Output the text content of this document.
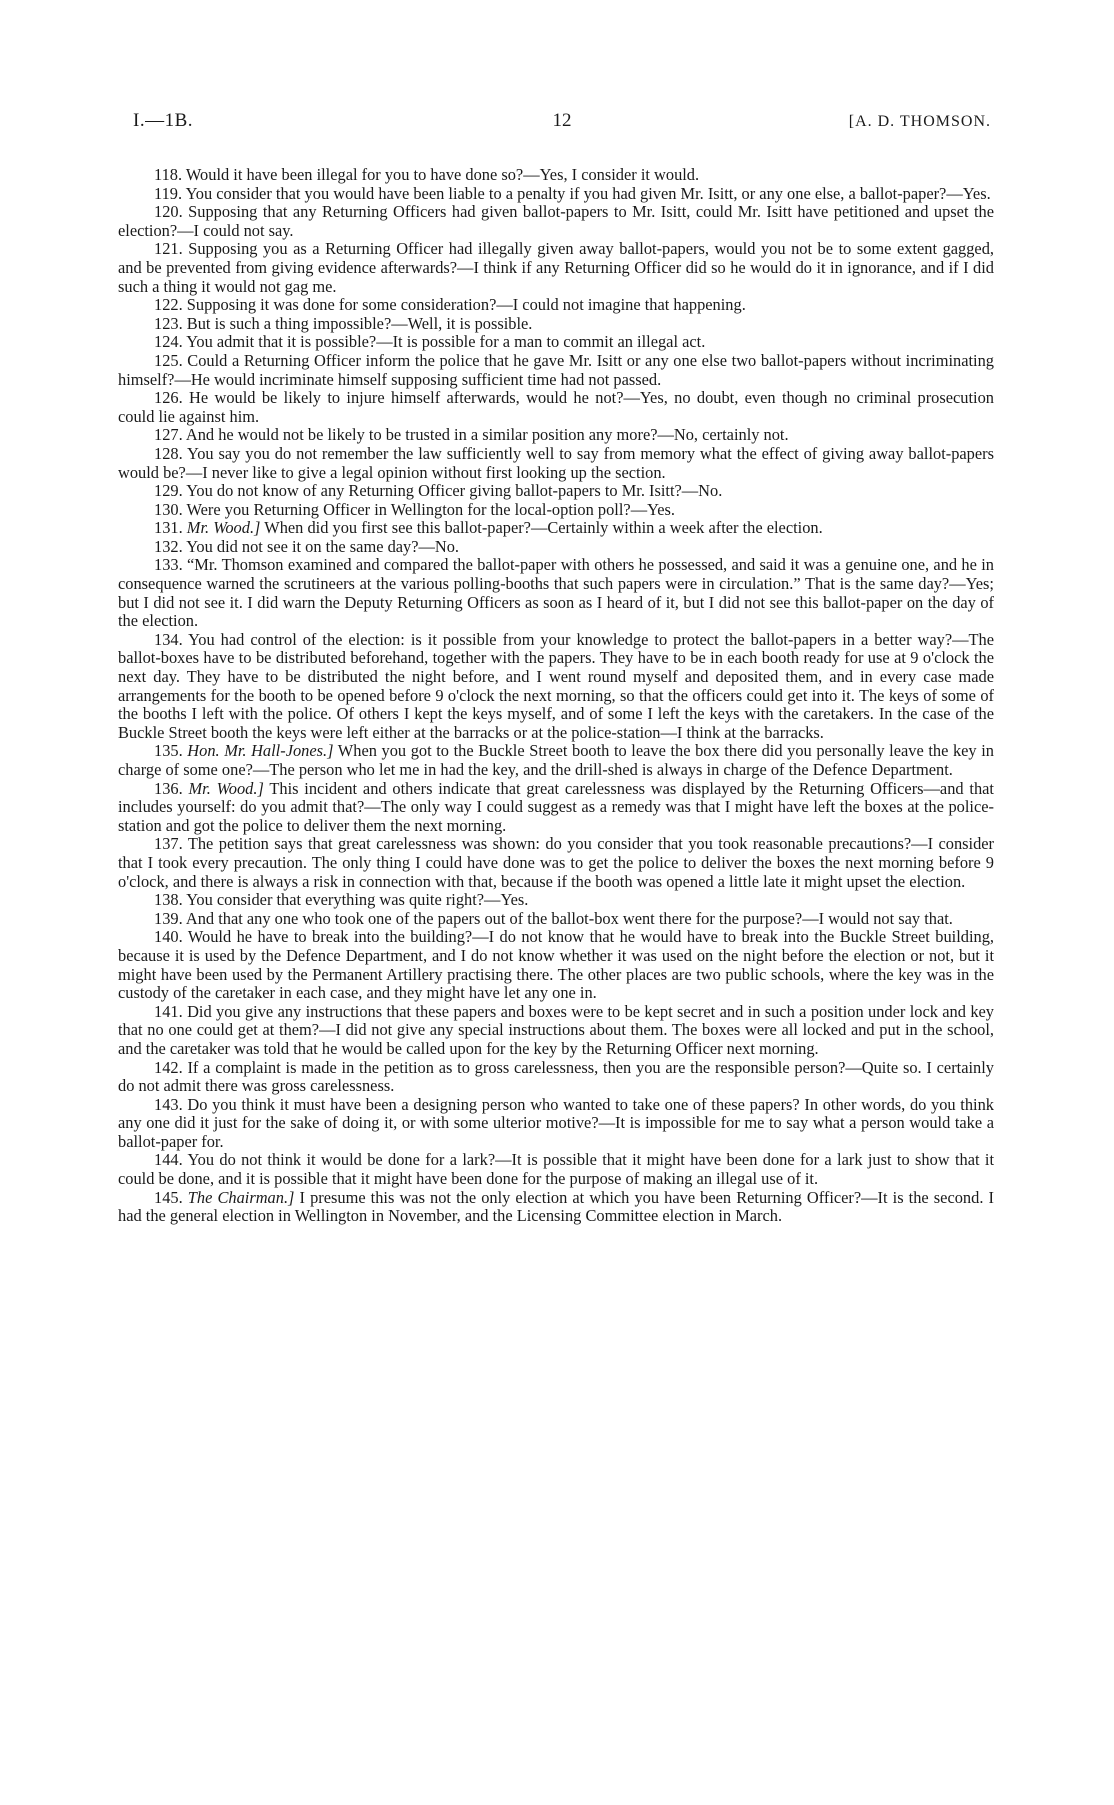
I.—1B.	12	[A. D. THOMSON.

118. Would it have been illegal for you to have done so?—Yes, I consider it would.

119. You consider that you would have been liable to a penalty if you had given Mr. Isitt, or any one else, a ballot-paper?—Yes.

120. Supposing that any Returning Officers had given ballot-papers to Mr. Isitt, could Mr. Isitt have petitioned and upset the election?—I could not say.

121. Supposing you as a Returning Officer had illegally given away ballot-papers, would you not be to some extent gagged, and be prevented from giving evidence afterwards?—I think if any Returning Officer did so he would do it in ignorance, and if I did such a thing it would not gag me.

122. Supposing it was done for some consideration?—I could not imagine that happening.

123. But is such a thing impossible?—Well, it is possible.

124. You admit that it is possible?—It is possible for a man to commit an illegal act.

125. Could a Returning Officer inform the police that he gave Mr. Isitt or any one else two ballot-papers without incriminating himself?—He would incriminate himself supposing sufficient time had not passed.

126. He would be likely to injure himself afterwards, would he not?—Yes, no doubt, even though no criminal prosecution could lie against him.

127. And he would not be likely to be trusted in a similar position any more?—No, certainly not.

128. You say you do not remember the law sufficiently well to say from memory what the effect of giving away ballot-papers would be?—I never like to give a legal opinion without first looking up the section.

129. You do not know of any Returning Officer giving ballot-papers to Mr. Isitt?—No.

130. Were you Returning Officer in Wellington for the local-option poll?—Yes.

131. Mr. Wood.] When did you first see this ballot-paper?—Certainly within a week after the election.

132. You did not see it on the same day?—No.

133. “Mr. Thomson examined and compared the ballot-paper with others he possessed, and said it was a genuine one, and he in consequence warned the scrutineers at the various polling-booths that such papers were in circulation.” That is the same day?—Yes; but I did not see it. I did warn the Deputy Returning Officers as soon as I heard of it, but I did not see this ballot-paper on the day of the election.

134. You had control of the election: is it possible from your knowledge to protect the ballot-papers in a better way?—The ballot-boxes have to be distributed beforehand, together with the papers. They have to be in each booth ready for use at 9 o'clock the next day. They have to be distributed the night before, and I went round myself and deposited them, and in every case made arrangements for the booth to be opened before 9 o'clock the next morning, so that the officers could get into it. The keys of some of the booths I left with the police. Of others I kept the keys myself, and of some I left the keys with the caretakers. In the case of the Buckle Street booth the keys were left either at the barracks or at the police-station—I think at the barracks.

135. Hon. Mr. Hall-Jones.] When you got to the Buckle Street booth to leave the box there did you personally leave the key in charge of some one?—The person who let me in had the key, and the drill-shed is always in charge of the Defence Department.

136. Mr. Wood.] This incident and others indicate that great carelessness was displayed by the Returning Officers—and that includes yourself: do you admit that?—The only way I could suggest as a remedy was that I might have left the boxes at the police-station and got the police to deliver them the next morning.

137. The petition says that great carelessness was shown: do you consider that you took reasonable precautions?—I consider that I took every precaution. The only thing I could have done was to get the police to deliver the boxes the next morning before 9 o'clock, and there is always a risk in connection with that, because if the booth was opened a little late it might upset the election.

138. You consider that everything was quite right?—Yes.

139. And that any one who took one of the papers out of the ballot-box went there for the purpose?—I would not say that.

140. Would he have to break into the building?—I do not know that he would have to break into the Buckle Street building, because it is used by the Defence Department, and I do not know whether it was used on the night before the election or not, but it might have been used by the Permanent Artillery practising there. The other places are two public schools, where the key was in the custody of the caretaker in each case, and they might have let any one in.

141. Did you give any instructions that these papers and boxes were to be kept secret and in such a position under lock and key that no one could get at them?—I did not give any special instructions about them. The boxes were all locked and put in the school, and the caretaker was told that he would be called upon for the key by the Returning Officer next morning.

142. If a complaint is made in the petition as to gross carelessness, then you are the responsible person?—Quite so. I certainly do not admit there was gross carelessness.

143. Do you think it must have been a designing person who wanted to take one of these papers? In other words, do you think any one did it just for the sake of doing it, or with some ulterior motive?—It is impossible for me to say what a person would take a ballot-paper for.

144. You do not think it would be done for a lark?—It is possible that it might have been done for a lark just to show that it could be done, and it is possible that it might have been done for the purpose of making an illegal use of it.

145. The Chairman.] I presume this was not the only election at which you have been Returning Officer?—It is the second. I had the general election in Wellington in November, and the Licensing Committee election in March.
